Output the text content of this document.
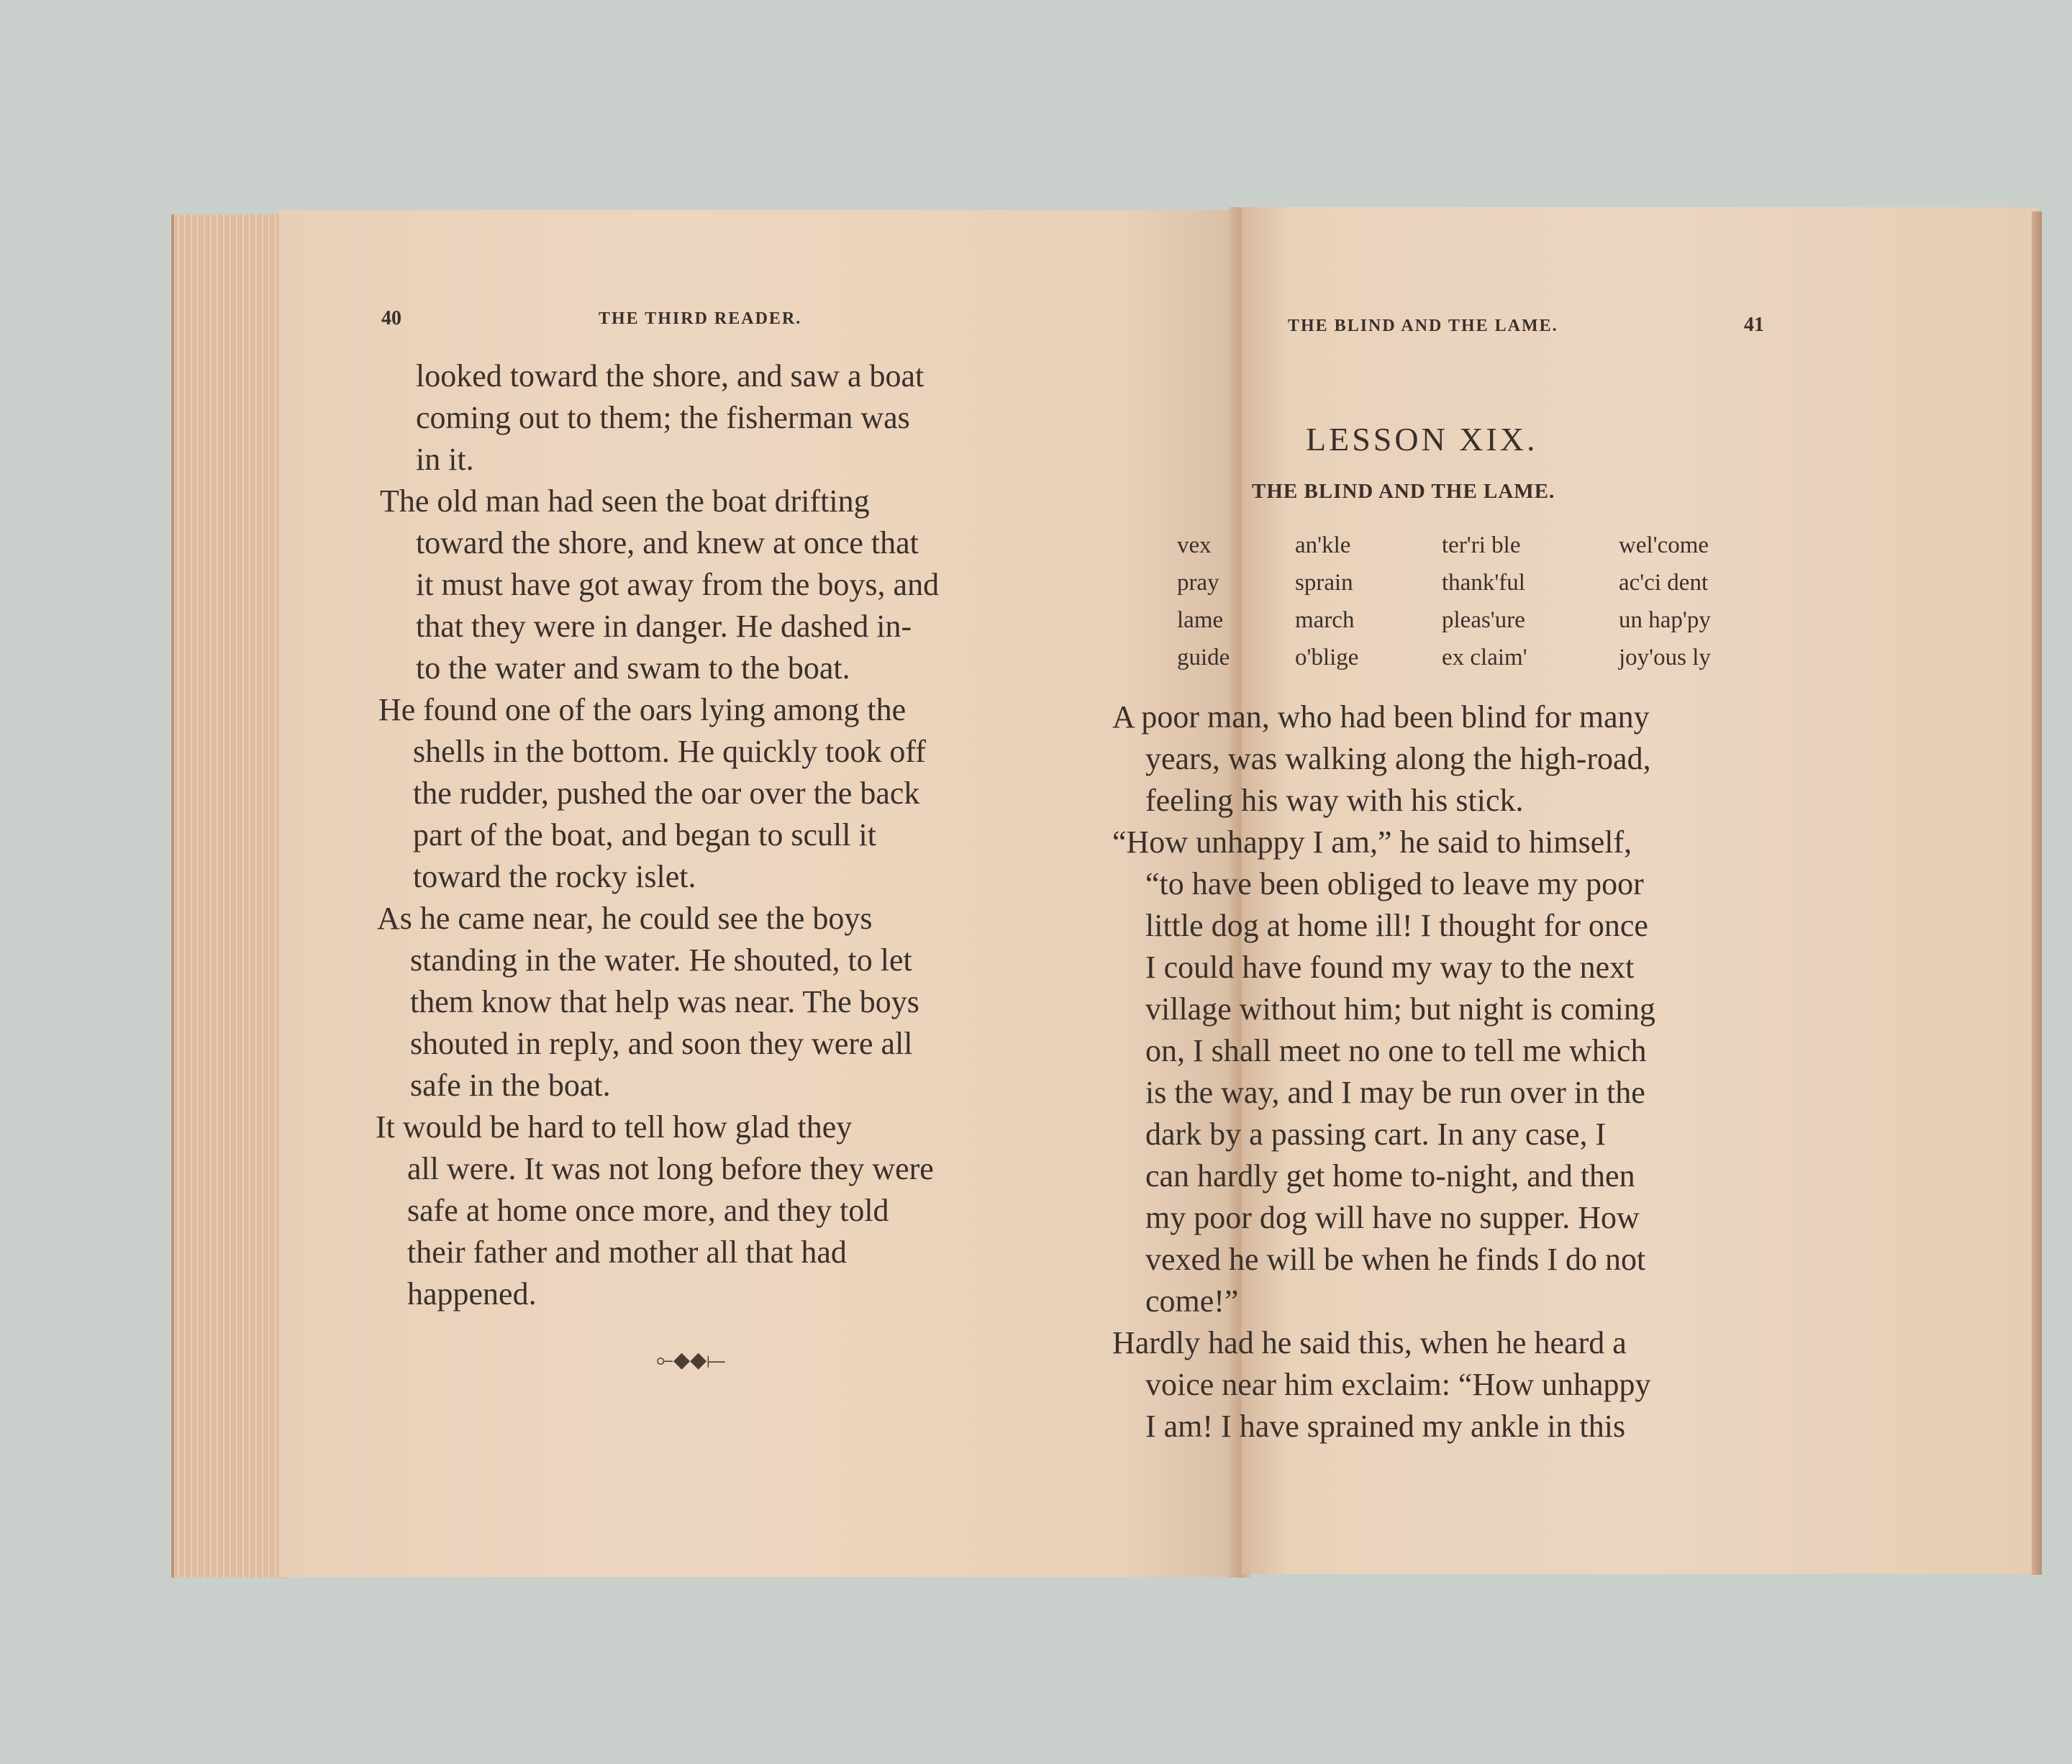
40	THE THIRD READER.
looked toward the shore, and saw a boat
coming out to them; the fisherman was
in it.
The old man had seen the boat drifting
toward the shore, and knew at once that
it must have got away from the boys, and
that they were in danger. He dashed in-
to the water and swam to the boat.
He found one of the oars lying among the
shells in the bottom. He quickly took off
the rudder, pushed the oar over the back
part of the boat, and began to scull it
toward the rocky islet.
As he came near, he could see the boys
standing in the water. He shouted, to let
them know that help was near. The boys
shouted in reply, and soon they were all
safe in the boat.
It would be hard to tell how glad they
all were. It was not long before they were
safe at home once more, and they told
their father and mother all that had
happened.
⟜◆◆⟝
THE BLIND AND THE LAME.	41
LESSON XIX.
THE BLIND AND THE LAME.
vex	an'kle	ter'ri ble	wel'come
pray	sprain	thank'ful	ac'ci dent
lame	march	pleas'ure	un hap'py
guide	o'blige	ex claim'	joy'ous ly
A poor man, who had been blind for many
years, was walking along the high-road,
feeling his way with his stick.
“How unhappy I am,” he said to himself,
“to have been obliged to leave my poor
little dog at home ill! I thought for once
I could have found my way to the next
village without him; but night is coming
on, I shall meet no one to tell me which
is the way, and I may be run over in the
dark by a passing cart. In any case, I
can hardly get home to-night, and then
my poor dog will have no supper. How
vexed he will be when he finds I do not
come!”
Hardly had he said this, when he heard a
voice near him exclaim: “How unhappy
I am! I have sprained my ankle in this
